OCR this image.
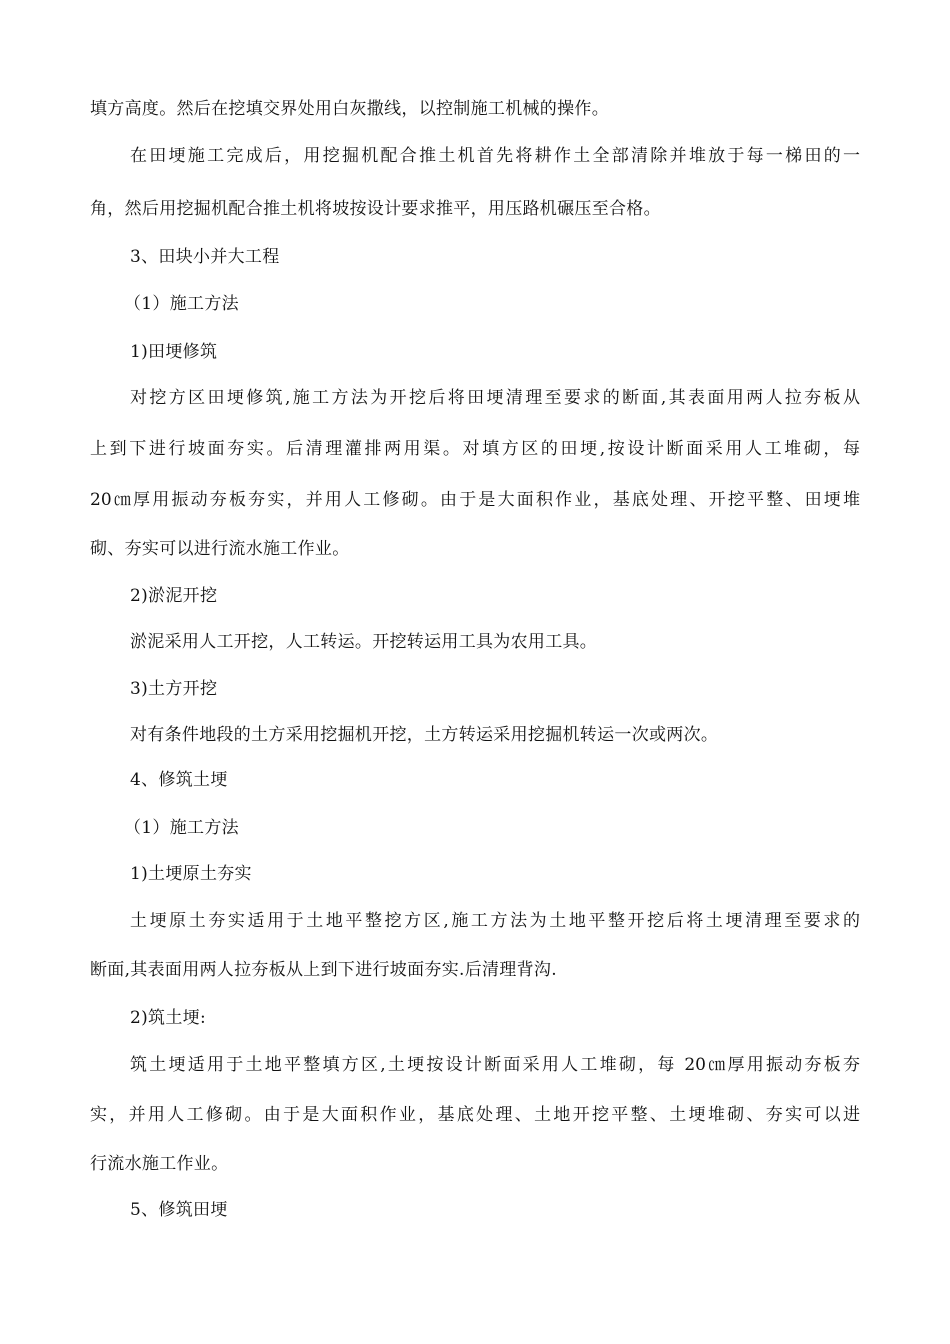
填方高度。然后在挖填交界处用白灰撒线，以控制施工机械的操作。
在田埂施工完成后，用挖掘机配合推土机首先将耕作土全部清除并堆放于每一梯田的一
角，然后用挖掘机配合推土机将坡按设计要求推平，用压路机碾压至合格。
3、田块小并大工程
（1）施工方法
1)田埂修筑
对挖方区田埂修筑,施工方法为开挖后将田埂清理至要求的断面,其表面用两人拉夯板从
上到下进行坡面夯实。后清理灌排两用渠。对填方区的田埂,按设计断面采用人工堆砌，每
20㎝厚用振动夯板夯实，并用人工修砌。由于是大面积作业，基底处理、开挖平整、田埂堆
砌、夯实可以进行流水施工作业。
2)淤泥开挖
淤泥采用人工开挖，人工转运。开挖转运用工具为农用工具。
3)土方开挖
对有条件地段的土方采用挖掘机开挖，土方转运采用挖掘机转运一次或两次。
4、修筑土埂
（1）施工方法
1)土埂原土夯实
土埂原土夯实适用于土地平整挖方区,施工方法为土地平整开挖后将土埂清理至要求的
断面,其表面用两人拉夯板从上到下进行坡面夯实.后清理背沟.
2)筑土埂:
筑土埂适用于土地平整填方区,土埂按设计断面采用人工堆砌，每 20㎝厚用振动夯板夯
实，并用人工修砌。由于是大面积作业，基底处理、土地开挖平整、土埂堆砌、夯实可以进
行流水施工作业。
5、修筑田埂
